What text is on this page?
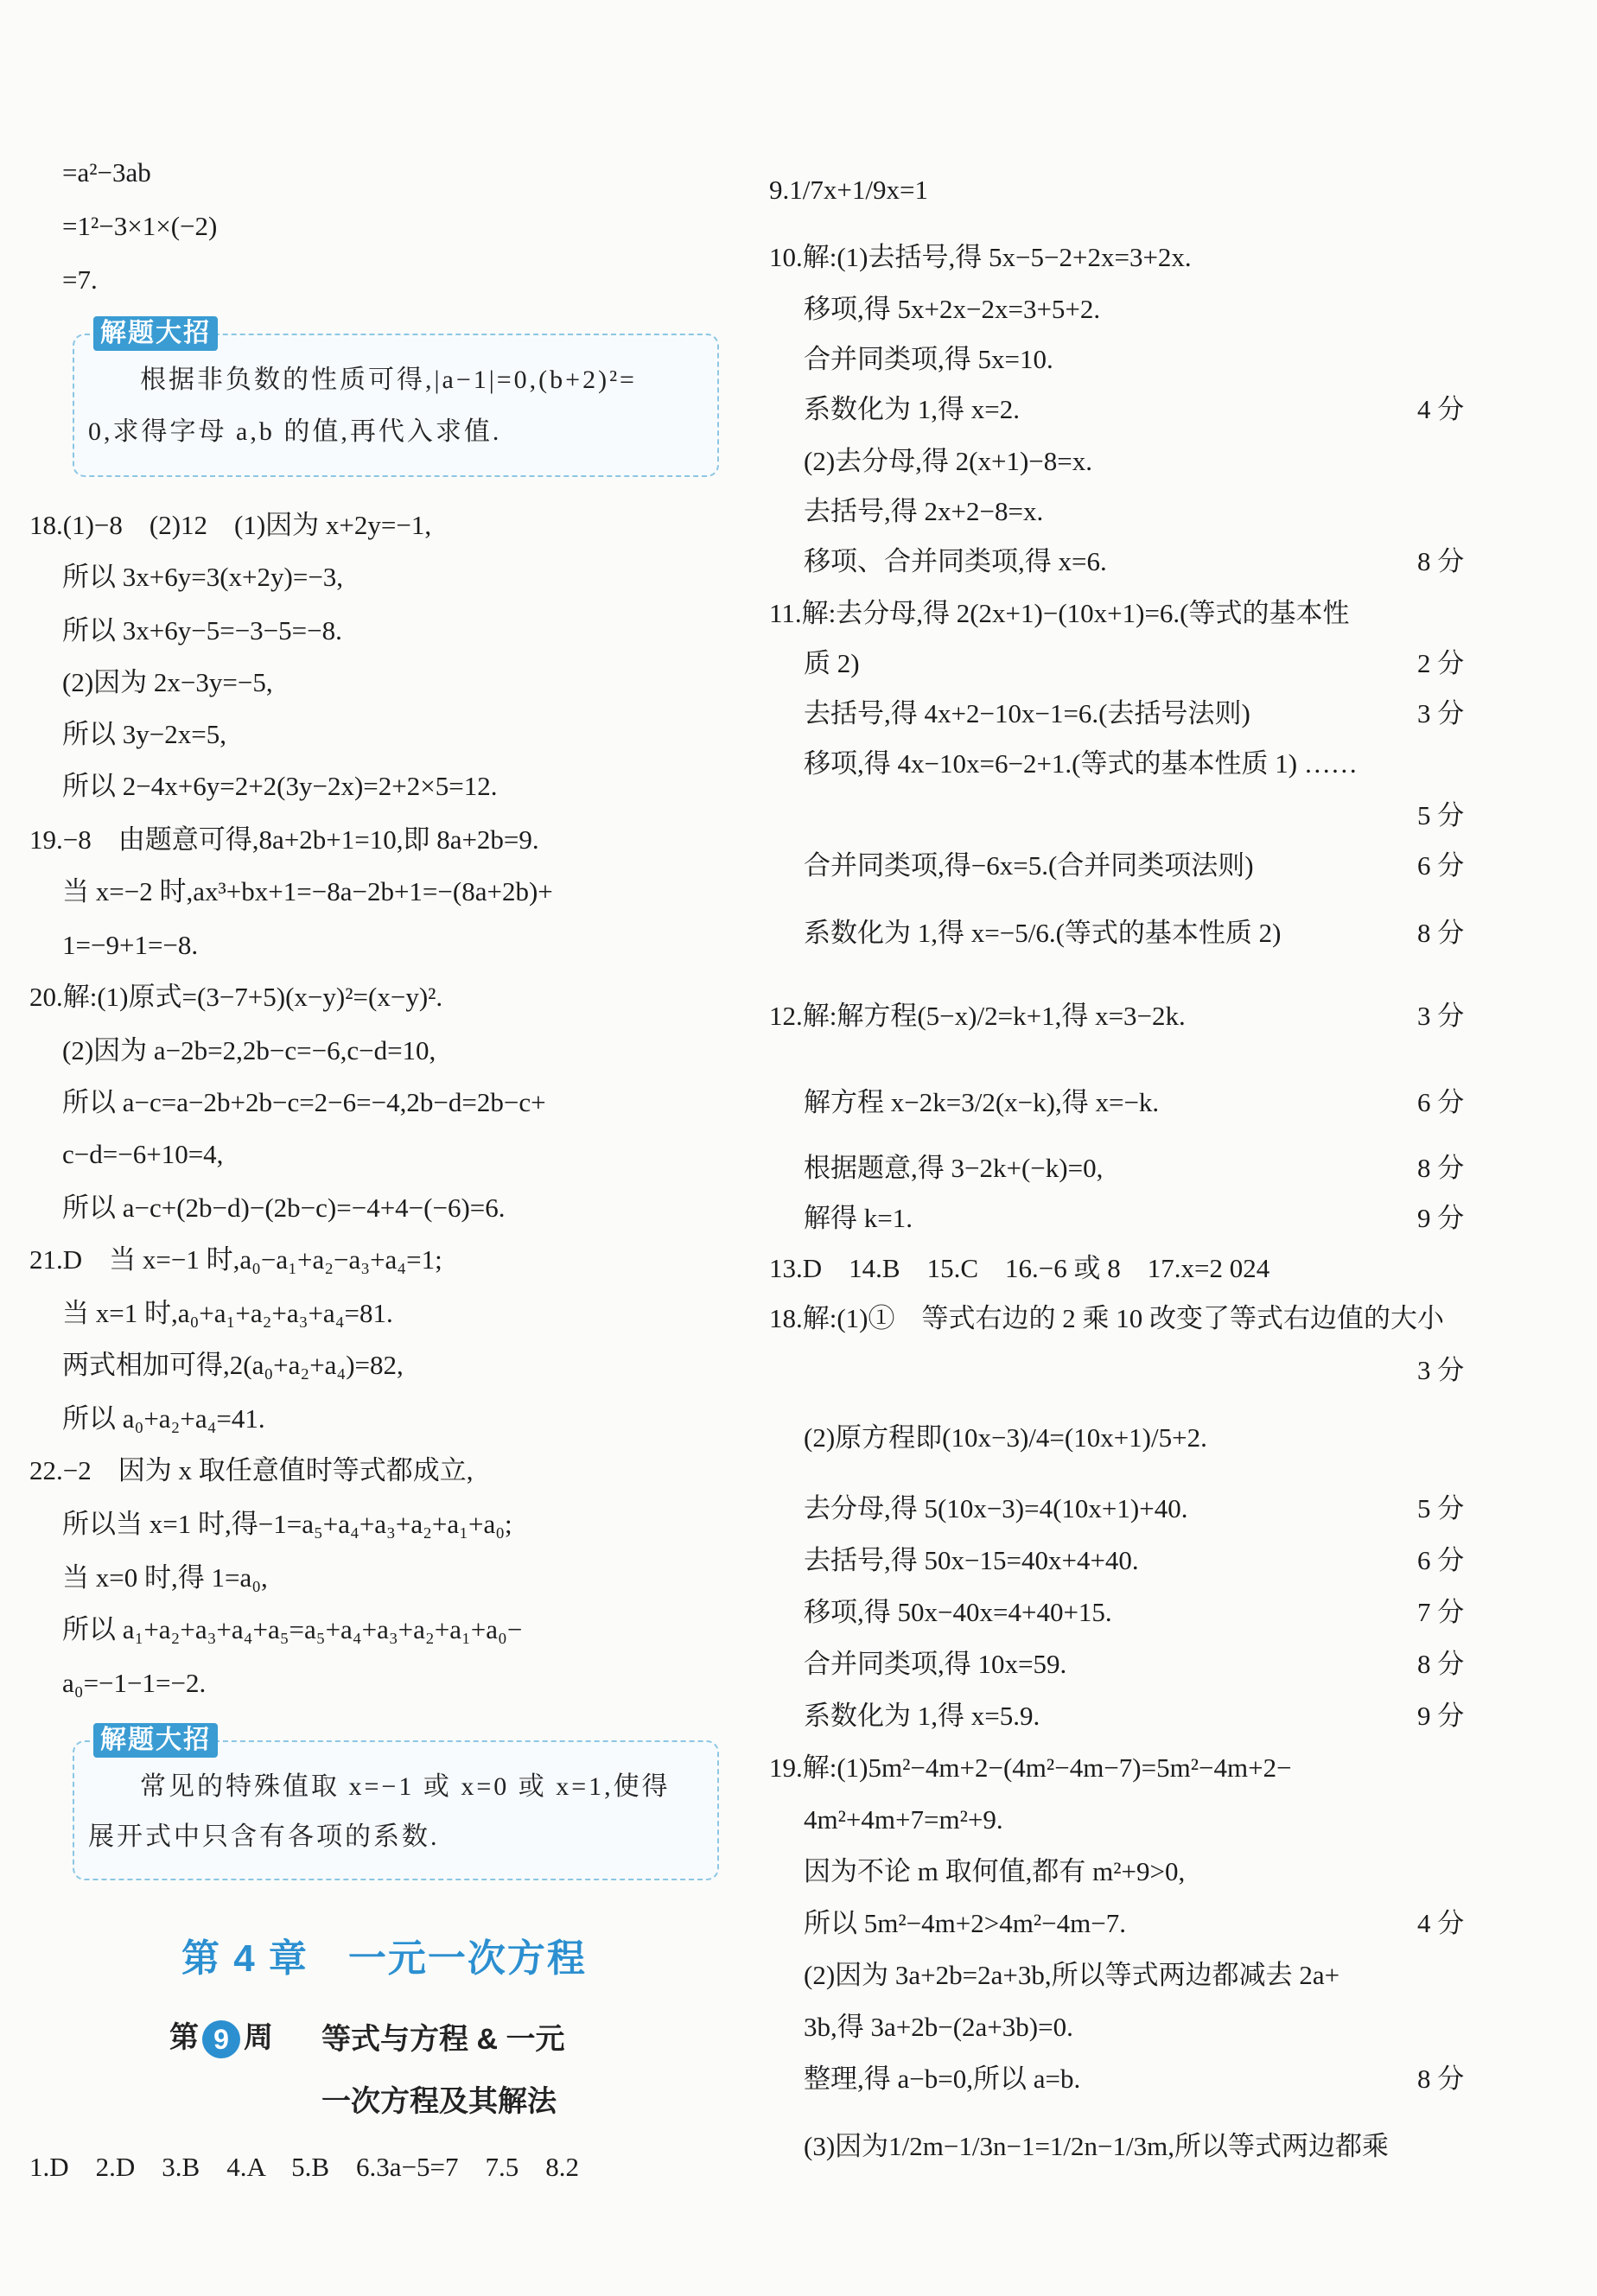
=a²−3ab
=1²−3×1×(−2)
=7.
解题大招
根据非负数的性质可得,|a−1|=0,(b+2)²=
0,求得字母 a,b 的值,再代入求值.
18.(1)−8　(2)12　(1)因为 x+2y=−1,
所以 3x+6y=3(x+2y)=−3,
所以 3x+6y−5=−3−5=−8.
(2)因为 2x−3y=−5,
所以 3y−2x=5,
所以 2−4x+6y=2+2(3y−2x)=2+2×5=12.
19.−8　由题意可得,8a+2b+1=10,即 8a+2b=9.
当 x=−2 时,ax³+bx+1=−8a−2b+1=−(8a+2b)+
1=−9+1=−8.
20.解:(1)原式=(3−7+5)(x−y)²=(x−y)².
(2)因为 a−2b=2,2b−c=−6,c−d=10,
所以 a−c=a−2b+2b−c=2−6=−4,2b−d=2b−c+
c−d=−6+10=4,
所以 a−c+(2b−d)−(2b−c)=−4+4−(−6)=6.
21.D　当 x=−1 时,a₀−a₁+a₂−a₃+a₄=1;
当 x=1 时,a₀+a₁+a₂+a₃+a₄=81.
两式相加可得,2(a₀+a₂+a₄)=82,
所以 a₀+a₂+a₄=41.
22.−2　因为 x 取任意值时等式都成立,
所以当 x=1 时,得−1=a₅+a₄+a₃+a₂+a₁+a₀;
当 x=0 时,得 1=a₀,
所以 a₁+a₂+a₃+a₄+a₅=a₅+a₄+a₃+a₂+a₁+a₀−
a₀=−1−1=−2.
解题大招
常见的特殊值取 x=−1 或 x=0 或 x=1,使得
展开式中只含有各项的系数.
第 4 章　一元一次方程
第 9 周 等式与方程 & 一元
一次方程及其解法
1.D　2.D　3.B　4.A　5.B　6.3a−5=7　7.5　8.2
9.1/7x+1/9x=1
10.解:(1)去括号,得 5x−5−2+2x=3+2x.
移项,得 5x+2x−2x=3+5+2.
合并同类项,得 5x=10.
系数化为 1,得 x=2.	4 分
(2)去分母,得 2(x+1)−8=x.
去括号,得 2x+2−8=x.
移项、合并同类项,得 x=6.	8 分
11.解:去分母,得 2(2x+1)−(10x+1)=6.(等式的基本性
质 2)	2 分
去括号,得 4x+2−10x−1=6.(去括号法则)	3 分
移项,得 4x−10x=6−2+1.(等式的基本性质 1) ……
5 分
合并同类项,得−6x=5.(合并同类项法则)	6 分
系数化为 1,得 x=−5/6.(等式的基本性质 2)	8 分
12.解:解方程(5−x)/2=k+1,得 x=3−2k.	3 分
解方程 x−2k=3/2(x−k),得 x=−k.	6 分
根据题意,得 3−2k+(−k)=0,	8 分
解得 k=1.	9 分
13.D　14.B　15.C　16.−6 或 8　17.x=2 024
18.解:(1)①　等式右边的 2 乘 10 改变了等式右边值的大小
3 分
(2)原方程即(10x−3)/4=(10x+1)/5+2.
去分母,得 5(10x−3)=4(10x+1)+40.	5 分
去括号,得 50x−15=40x+4+40.	6 分
移项,得 50x−40x=4+40+15.	7 分
合并同类项,得 10x=59.	8 分
系数化为 1,得 x=5.9.	9 分
19.解:(1)5m²−4m+2−(4m²−4m−7)=5m²−4m+2−
4m²+4m+7=m²+9.
因为不论 m 取何值,都有 m²+9>0,
所以 5m²−4m+2>4m²−4m−7.	4 分
(2)因为 3a+2b=2a+3b,所以等式两边都减去 2a+
3b,得 3a+2b−(2a+3b)=0.
整理,得 a−b=0,所以 a=b.	8 分
(3)因为1/2m−1/3n−1=1/2n−1/3m,所以等式两边都乘
